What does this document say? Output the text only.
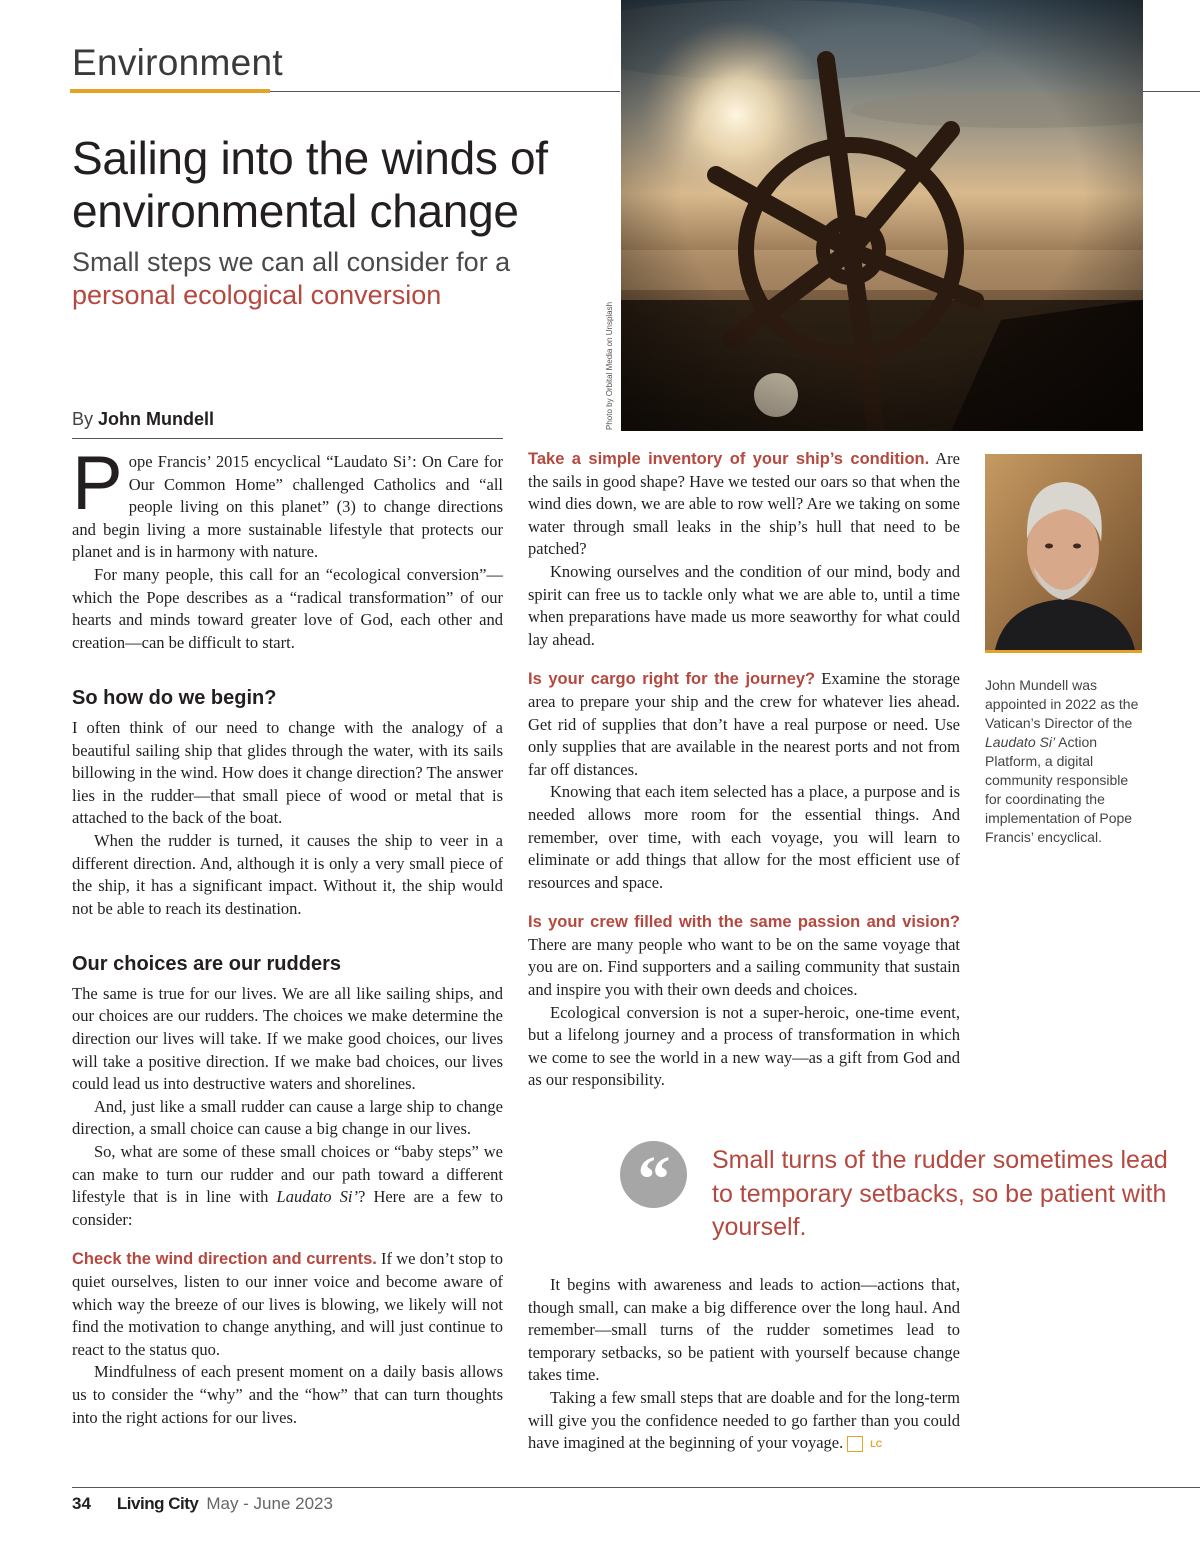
Environment
Sailing into the winds of environmental change
Small steps we can all consider for a personal ecological conversion
Photo by Orbital Media on Unsplash
By John Mundell

Pope Francis’ 2015 encyclical “Laudato Si’: On Care for Our Common Home” challenged Catholics and “all people living on this planet” (3) to change directions and begin living a more sustainable lifestyle that protects our planet and is in harmony with nature.

For many people, this call for an “ecological conversion”—which the Pope describes as a “radical transformation” of our hearts and minds toward greater love of God, each other and creation—can be difficult to start.

So how do we begin?

I often think of our need to change with the analogy of a beautiful sailing ship that glides through the water, with its sails billowing in the wind. How does it change direction? The answer lies in the rudder—that small piece of wood or metal that is attached to the back of the boat.

When the rudder is turned, it causes the ship to veer in a different direction. And, although it is only a very small piece of the ship, it has a significant impact. Without it, the ship would not be able to reach its destination.

Our choices are our rudders

The same is true for our lives. We are all like sailing ships, and our choices are our rudders. The choices we make determine the direction our lives will take. If we make good choices, our lives will take a positive direction. If we make bad choices, our lives could lead us into destructive waters and shorelines.

And, just like a small rudder can cause a large ship to change direction, a small choice can cause a big change in our lives.

So, what are some of these small choices or “baby steps” we can make to turn our rudder and our path toward a different lifestyle that is in line with Laudato Si’? Here are a few to consider:

Check the wind direction and currents. If we don’t stop to quiet ourselves, listen to our inner voice and become aware of which way the breeze of our lives is blowing, we likely will not find the motivation to change anything, and will just continue to react to the status quo.

Mindfulness of each present moment on a daily basis allows us to consider the “why” and the “how” that can turn thoughts into the right actions for our lives.

Take a simple inventory of your ship’s condition. Are the sails in good shape? Have we tested our oars so that when the wind dies down, we are able to row well? Are we taking on some water through small leaks in the ship’s hull that need to be patched?

Knowing ourselves and the condition of our mind, body and spirit can free us to tackle only what we are able to, until a time when preparations have made us more seaworthy for what could lay ahead.

Is your cargo right for the journey? Examine the storage area to prepare your ship and the crew for whatever lies ahead. Get rid of supplies that don’t have a real purpose or need. Use only supplies that are available in the nearest ports and not from far off distances.

Knowing that each item selected has a place, a purpose and is needed allows more room for the essential things. And remember, over time, with each voyage, you will learn to eliminate or add things that allow for the most efficient use of resources and space.

Is your crew filled with the same passion and vision? There are many people who want to be on the same voyage that you are on. Find supporters and a sailing community that sustain and inspire you with their own deeds and choices.

Ecological conversion is not a super-heroic, one-time event, but a lifelong journey and a process of transformation in which we come to see the world in a new way—as a gift from God and as our responsibility.

John Mundell was appointed in 2022 as the Vatican’s Director of the Laudato Si’ Action Platform, a digital community responsible for coordinating the implementation of Pope Francis’ encyclical.
“ Small turns of the rudder sometimes lead to temporary setbacks, so be patient with yourself.

It begins with awareness and leads to action—actions that, though small, can make a big difference over the long haul. And remember—small turns of the rudder sometimes lead to temporary setbacks, so be patient with yourself because change takes time.

Taking a few small steps that are doable and for the long-term will give you the confidence needed to go farther than you could have imagined at the beginning of your voyage.	LC

34 Living City May - June 2023
